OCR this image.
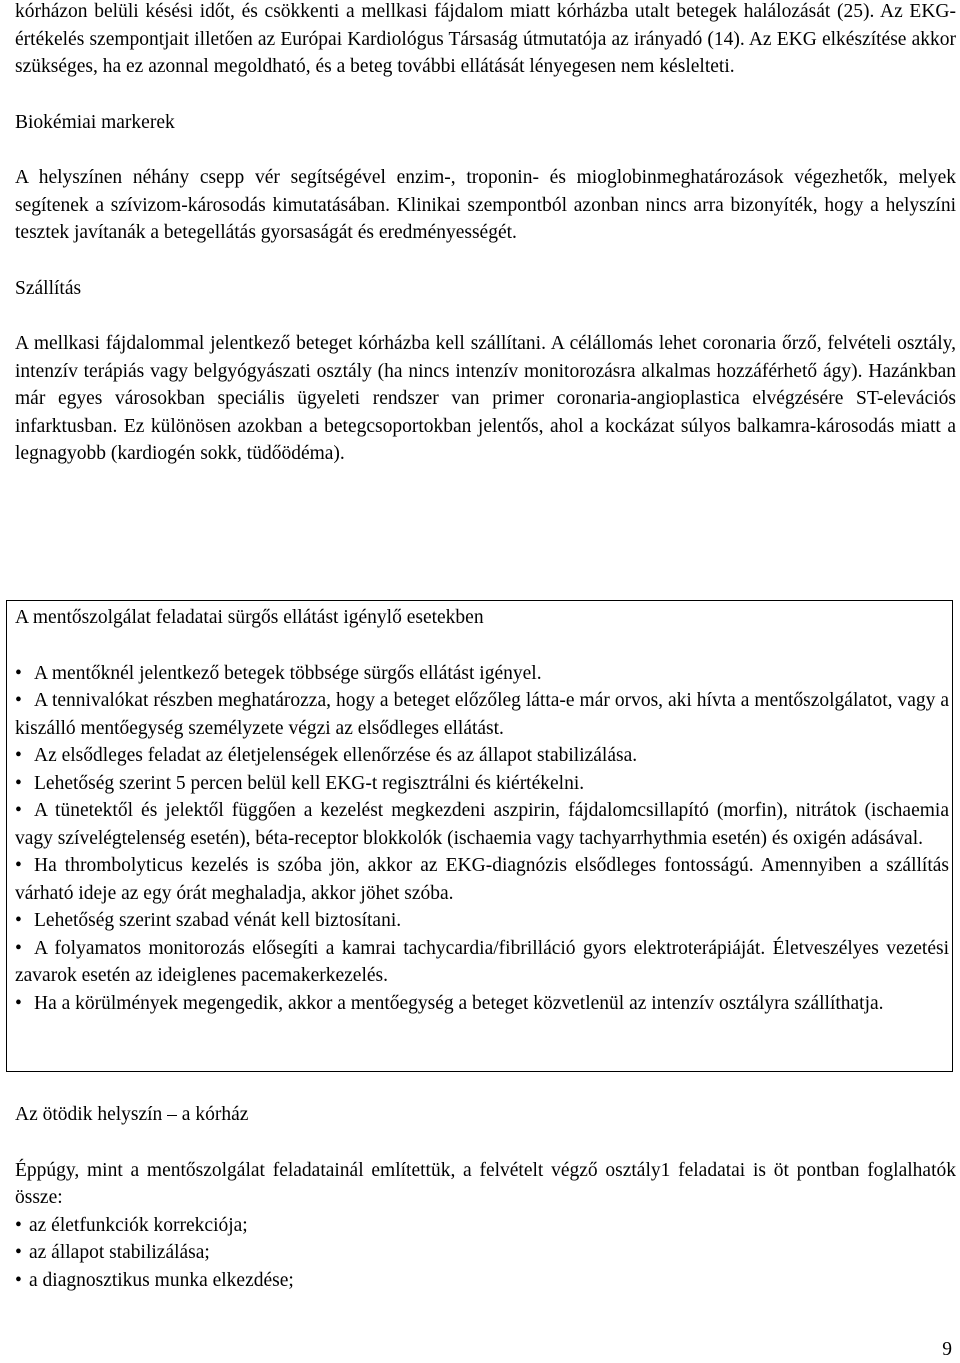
kórházon belüli késési időt, és csökkenti a mellkasi fájdalom miatt kórházba utalt betegek halálozását (25). Az EKG-értékelés szempontjait illetően az Európai Kardiológus Társaság útmutatója az irányadó (14). Az EKG elkészítése akkor szükséges, ha ez azonnal megoldható, és a beteg további ellátását lényegesen nem késlelteti.

Biokémiai markerek

A helyszínen néhány csepp vér segítségével enzim-, troponin- és mioglobinmeghatározások végezhetők, melyek segítenek a szívizom-károsodás kimutatásában. Klinikai szempontból azonban nincs arra bizonyíték, hogy a helyszíni tesztek javítanák a betegellátás gyorsaságát és eredményességét.

Szállítás

A mellkasi fájdalommal jelentkező beteget kórházba kell szállítani. A célállomás lehet coronaria őrző, felvételi osztály, intenzív terápiás vagy belgyógyászati osztály (ha nincs intenzív monitorozásra alkalmas hozzáférhető ágy). Hazánkban már egyes városokban speciális ügyeleti rendszer van primer coronaria-angioplastica elvégzésére ST-elevációs infarktusban. Ez különösen azokban a betegcsoportokban jelentős, ahol a kockázat súlyos balkamra-károsodás miatt a legnagyobb (kardiogén sokk, tüdőödéma).

A mentőszolgálat feladatai sürgős ellátást igénylő esetekben
• A mentőknél jelentkező betegek többsége sürgős ellátást igényel.
• A tennivalókat részben meghatározza, hogy a beteget előzőleg látta-e már orvos, aki hívta a mentőszolgálatot, vagy a kiszálló mentőegység személyzete végzi az elsődleges ellátást.
• Az elsődleges feladat az életjelenségek ellenőrzése és az állapot stabilizálása.
• Lehetőség szerint 5 percen belül kell EKG-t regisztrálni és kiértékelni.
• A tünetektől és jelektől függően a kezelést megkezdeni aszpirin, fájdalomcsillapító (morfin), nitrátok (ischaemia vagy szívelégtelenség esetén), béta-receptor blokkolók (ischaemia vagy tachyarrhythmia esetén) és oxigén adásával.
• Ha thrombolyticus kezelés is szóba jön, akkor az EKG-diagnózis elsődleges fontosságú. Amennyiben a szállítás várható ideje az egy órát meghaladja, akkor jöhet szóba.
• Lehetőség szerint szabad vénát kell biztosítani.
• A folyamatos monitorozás elősegíti a kamrai tachycardia/fibrilláció gyors elektroterápiáját. Életveszélyes vezetési zavarok esetén az ideiglenes pacemakerkezelés.
• Ha a körülmények megengedik, akkor a mentőegység a beteget közvetlenül az intenzív osztályra szállíthatja.
Az ötödik helyszín – a kórház

Éppúgy, mint a mentőszolgálat feladatainál említettük, a felvételt végző osztály1 feladatai is öt pontban foglalhatók össze:

• az életfunkciók korrekciója;
• az állapot stabilizálása;
• a diagnosztikus munka elkezdése;
9
